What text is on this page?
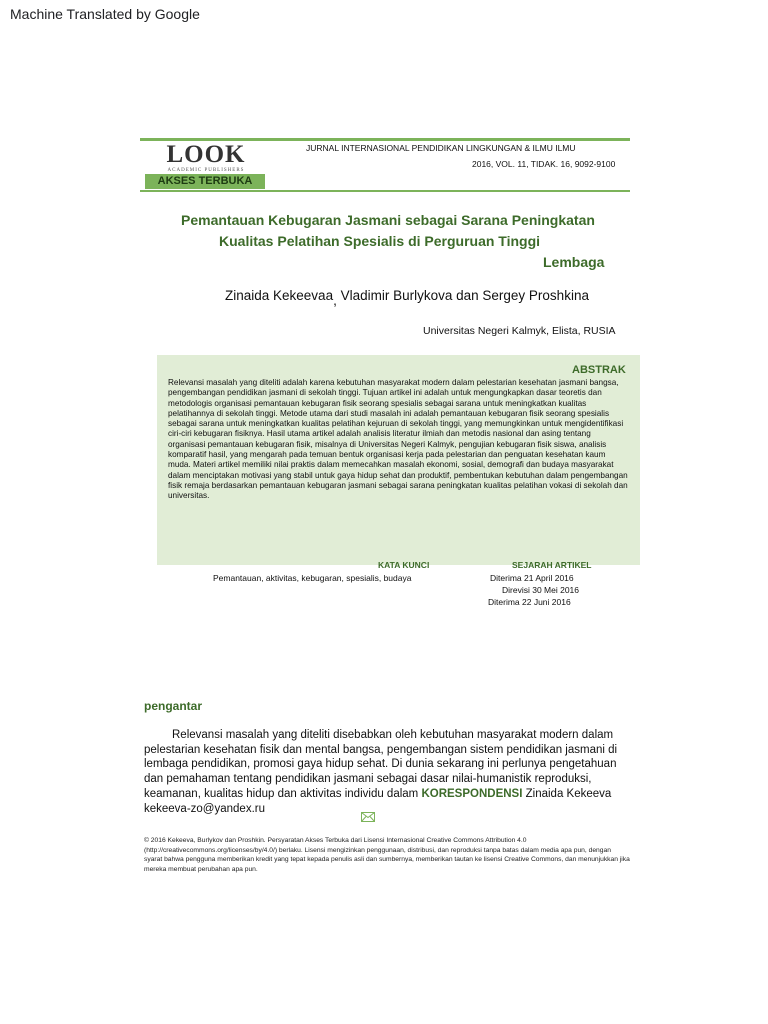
Machine Translated by Google
LOOK
ACADEMIC PUBLISHERS
AKSES TERBUKA
JURNAL INTERNASIONAL PENDIDIKAN LINGKUNGAN & ILMU ILMU
2016, VOL. 11, TIDAK. 16, 9092-9100
Pemantauan Kebugaran Jasmani sebagai Sarana Peningkatan
Kualitas Pelatihan Spesialis di Perguruan Tinggi
Lembaga
Zinaida Kekeevaa, Vladimir Burlykova dan Sergey Proshkina
Universitas Negeri Kalmyk, Elista, RUSIA
ABSTRAK
Relevansi masalah yang diteliti adalah karena kebutuhan masyarakat modern dalam pelestarian kesehatan jasmani bangsa, pengembangan pendidikan jasmani di sekolah tinggi. Tujuan artikel ini adalah untuk mengungkapkan dasar teoretis dan metodologis organisasi pemantauan kebugaran fisik seorang spesialis sebagai sarana untuk meningkatkan kualitas pelatihannya di sekolah tinggi. Metode utama dari studi masalah ini adalah pemantauan kebugaran fisik seorang spesialis sebagai sarana untuk meningkatkan kualitas pelatihan kejuruan di sekolah tinggi, yang memungkinkan untuk mengidentifikasi ciri-ciri kebugaran fisiknya. Hasil utama artikel adalah analisis literatur ilmiah dan metodis nasional dan asing tentang organisasi pemantauan kebugaran fisik, misalnya di Universitas Negeri Kalmyk, pengujian kebugaran fisik siswa, analisis komparatif hasil, yang mengarah pada temuan bentuk organisasi kerja pada pelestarian dan penguatan kesehatan kaum muda. Materi artikel memiliki nilai praktis dalam memecahkan masalah ekonomi, sosial, demografi dan budaya masyarakat dalam menciptakan motivasi yang stabil untuk gaya hidup sehat dan produktif, pembentukan kebutuhan dalam pengembangan fisik remaja berdasarkan pemantauan kebugaran jasmani sebagai sarana peningkatan kualitas pelatihan vokasi di sekolah dan universitas.
KATA KUNCI	SEJARAH ARTIKEL
Pemantauan, aktivitas, kebugaran, spesialis, budaya	Diterima 21 April 2016
Direvisi 30 Mei 2016
Diterima 22 Juni 2016
pengantar
Relevansi masalah yang diteliti disebabkan oleh kebutuhan masyarakat modern dalam
pelestarian kesehatan fisik dan mental bangsa, pengembangan sistem pendidikan jasmani di
lembaga pendidikan, promosi gaya hidup sehat. Di dunia sekarang ini perlunya pengetahuan
dan pemahaman tentang pendidikan jasmani sebagai dasar nilai-humanistik reproduksi,
keamanan, kualitas hidup dan aktivitas individu dalam KORESPONDENSI Zinaida Kekeeva
kekeeva-zo@yandex.ru
© 2016 Kekeeva, Burlykov dan Proshkin. Persyaratan Akses Terbuka dari Lisensi Internasional Creative Commons Attribution 4.0 (http://creativecommons.org/licenses/by/4.0/) berlaku. Lisensi mengizinkan penggunaan, distribusi, dan reproduksi tanpa batas dalam media apa pun, dengan syarat bahwa pengguna memberikan kredit yang tepat kepada penulis asli dan sumbernya, memberikan tautan ke lisensi Creative Commons, dan menunjukkan jika mereka membuat perubahan apa pun.
